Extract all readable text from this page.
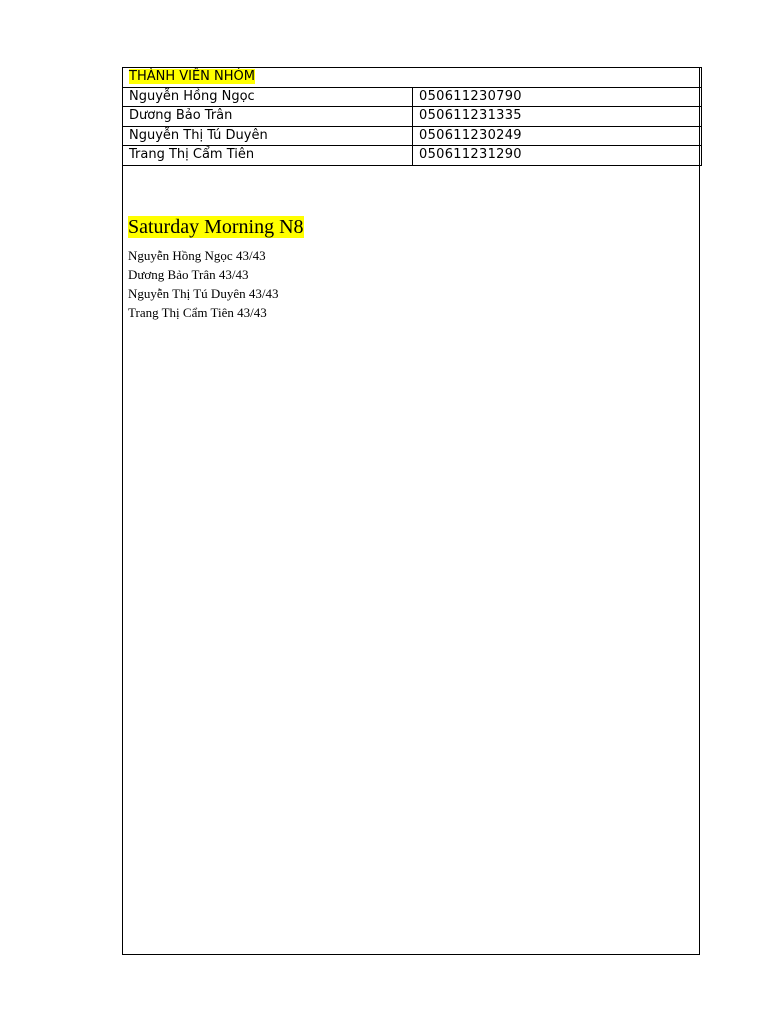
THÀNH VIÊN NHÓM	
Nguyễn Hồng Ngọc	050611230790
Dương Bảo Trân	050611231335
Nguyễn Thị Tú Duyên	050611230249
Trang Thị Cẩm Tiên	050611231290
Saturday Morning N8
Nguyễn Hồng Ngọc 43/43
Dương Bảo Trân 43/43
Nguyễn Thị Tú Duyên 43/43
Trang Thị Cẩm Tiên 43/43
